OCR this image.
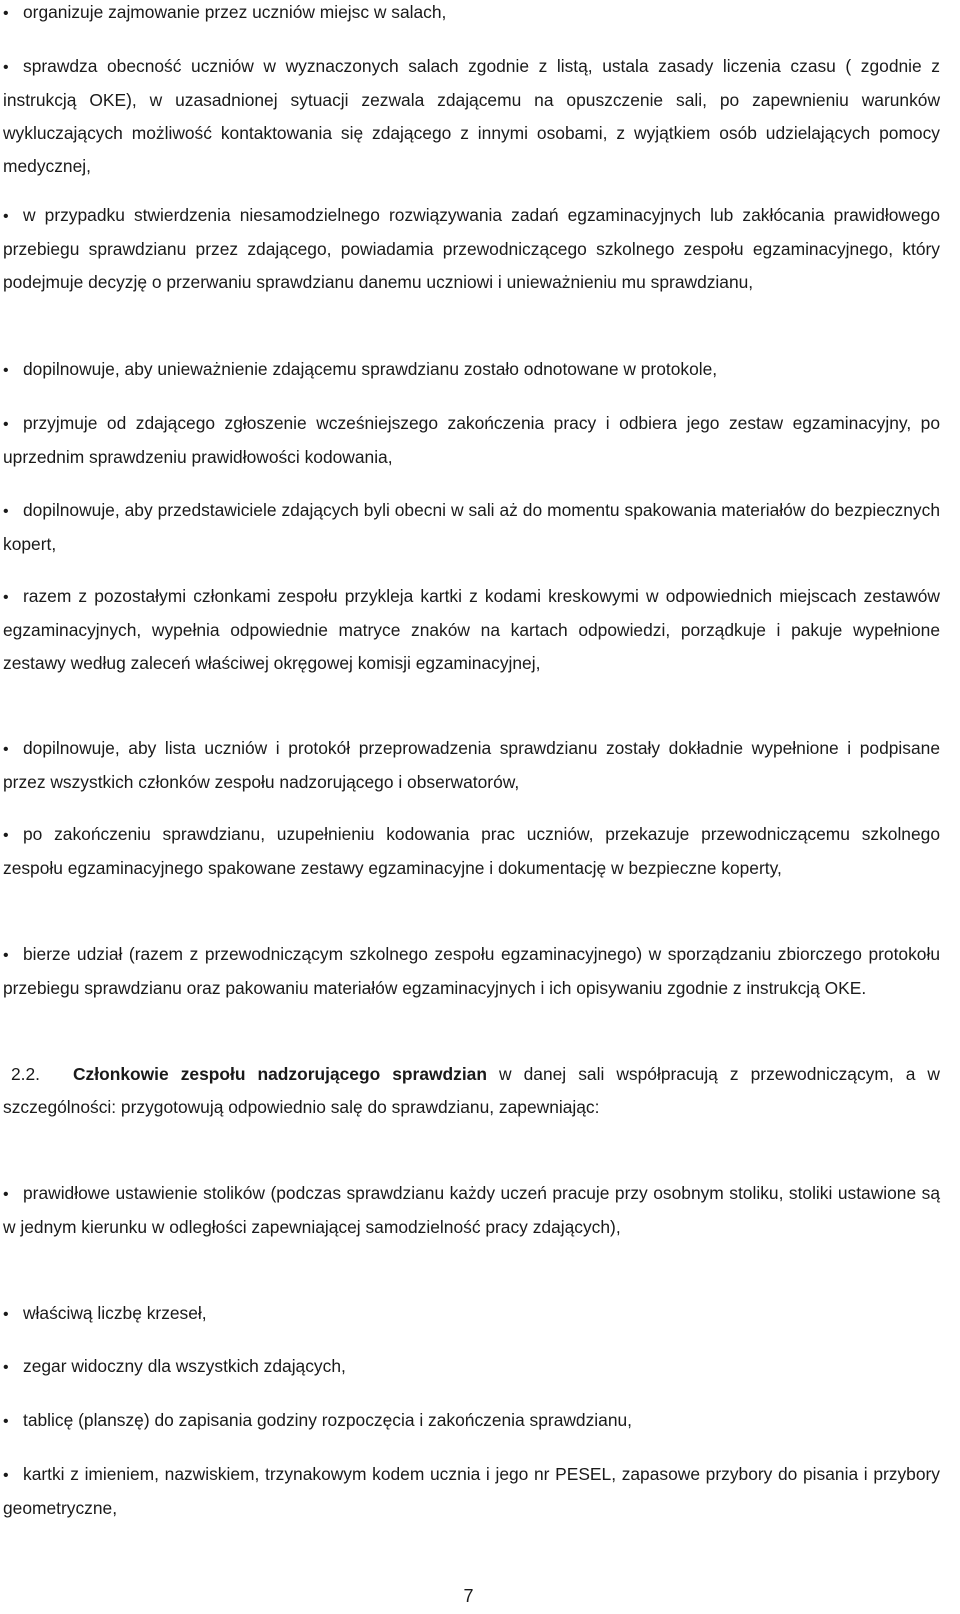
organizuje zajmowanie przez uczniów miejsc w salach,

sprawdza obecność uczniów w wyznaczonych salach zgodnie z listą, ustala zasady liczenia czasu ( zgodnie z instrukcją OKE), w uzasadnionej sytuacji zezwala zdającemu na opuszczenie sali, po zapewnieniu warunków wykluczających możliwość kontaktowania się zdającego z innymi osobami, z wyjątkiem osób udzielających pomocy medycznej,

w przypadku stwierdzenia niesamodzielnego rozwiązywania zadań egzaminacyjnych lub zakłócania prawidłowego przebiegu sprawdzianu przez zdającego, powiadamia przewodniczącego szkolnego zespołu egzaminacyjnego, który podejmuje decyzję o przerwaniu sprawdzianu danemu uczniowi i unieważnieniu mu sprawdzianu,

dopilnowuje, aby unieważnienie zdającemu sprawdzianu zostało odnotowane w protokole,

przyjmuje od zdającego zgłoszenie wcześniejszego zakończenia pracy i odbiera jego zestaw egzaminacyjny, po uprzednim sprawdzeniu prawidłowości kodowania,

dopilnowuje, aby przedstawiciele zdających byli obecni w sali aż do momentu spakowania materiałów do bezpiecznych kopert,

razem z pozostałymi członkami zespołu przykleja kartki z kodami kreskowymi w odpowiednich miejscach zestawów egzaminacyjnych, wypełnia odpowiednie matryce znaków na kartach odpowiedzi, porządkuje i pakuje wypełnione zestawy według zaleceń właściwej okręgowej komisji egzaminacyjnej,

dopilnowuje, aby lista uczniów i protokół przeprowadzenia sprawdzianu zostały dokładnie wypełnione i podpisane przez wszystkich członków zespołu nadzorującego i obserwatorów,

po zakończeniu sprawdzianu, uzupełnieniu kodowania prac uczniów, przekazuje przewodniczącemu szkolnego zespołu egzaminacyjnego spakowane zestawy egzaminacyjne i dokumentację w bezpieczne koperty,

bierze udział (razem z przewodniczącym szkolnego zespołu egzaminacyjnego) w sporządzaniu zbiorczego protokołu przebiegu sprawdzianu oraz pakowaniu materiałów egzaminacyjnych i ich opisywaniu zgodnie z instrukcją OKE.

2.2. Członkowie zespołu nadzorującego sprawdzian w danej sali współpracują z przewodniczącym, a w szczególności: przygotowują odpowiednio salę do sprawdzianu, zapewniając:

prawidłowe ustawienie stolików (podczas sprawdzianu każdy uczeń pracuje przy osobnym stoliku, stoliki ustawione są w jednym kierunku w odległości zapewniającej samodzielność pracy zdających),

właściwą liczbę krzeseł,

zegar widoczny dla wszystkich zdających,

tablicę (planszę) do zapisania godziny rozpoczęcia i zakończenia sprawdzianu,

kartki z imieniem, nazwiskiem, trzynakowym kodem ucznia i jego nr PESEL, zapasowe przybory do pisania i przybory geometryczne,

7
